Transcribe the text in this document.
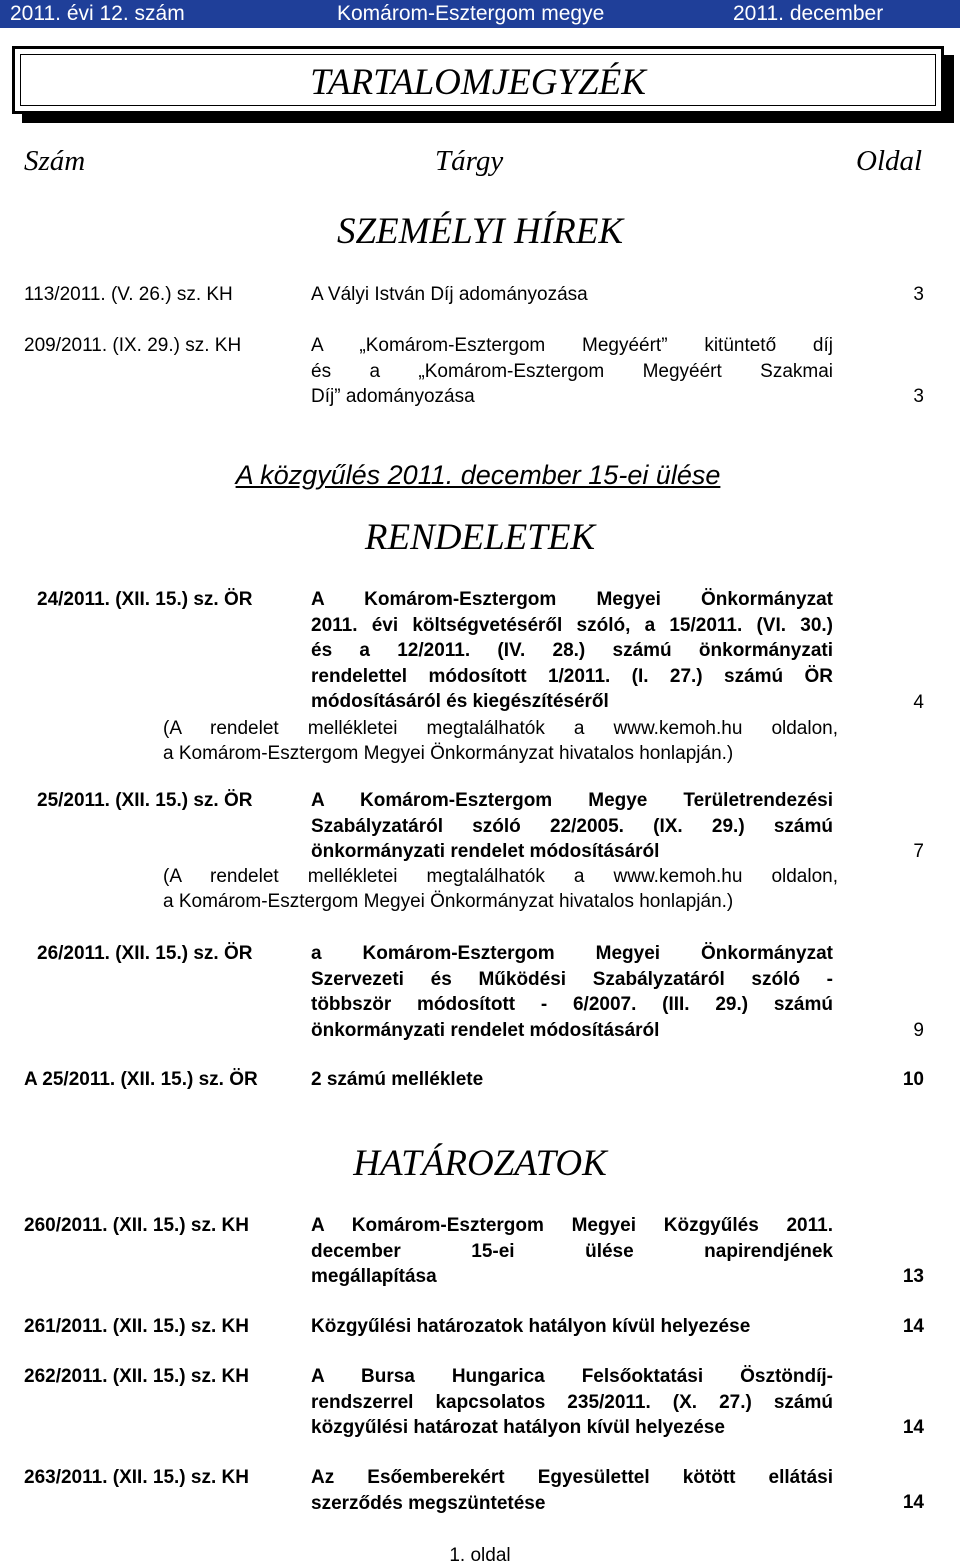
2011. évi 12. szám	Komárom-Esztergom megye	2011. december
TARTALOMJEGYZÉK
Szám	Tárgy	Oldal
SZEMÉLYI HÍREK
113/2011. (V. 26.) sz. KH	A Vályi István Díj adományozása	3
209/2011. (IX. 29.) sz. KH	A „Komárom-Esztergom Megyéért” kitüntető díj
és a „Komárom-Esztergom Megyéért Szakmai
Díj” adományozása	3
A közgyűlés 2011. december 15-ei ülése
RENDELETEK
24/2011. (XII. 15.) sz. ÖR	A Komárom-Esztergom Megyei Önkormányzat
2011. évi költségvetéséről szóló, a 15/2011. (VI. 30.)
és a 12/2011. (IV. 28.) számú önkormányzati
rendelettel módosított 1/2011. (I. 27.) számú ÖR
módosításáról és kiegészítéséről	4
(A rendelet mellékletei megtalálhatók a www.kemoh.hu oldalon,
a Komárom-Esztergom Megyei Önkormányzat hivatalos honlapján.)
25/2011. (XII. 15.) sz. ÖR	A Komárom-Esztergom Megye Területrendezési
Szabályzatáról szóló 22/2005. (IX. 29.) számú
önkormányzati rendelet módosításáról	7
(A rendelet mellékletei megtalálhatók a www.kemoh.hu oldalon,
a Komárom-Esztergom Megyei Önkormányzat hivatalos honlapján.)
26/2011. (XII. 15.) sz. ÖR	a Komárom-Esztergom Megyei Önkormányzat
Szervezeti és Működési Szabályzatáról szóló -
többször módosított - 6/2007. (III. 29.) számú
önkormányzati rendelet módosításáról	9
A 25/2011. (XII. 15.) sz. ÖR	2 számú melléklete	10
HATÁROZATOK
260/2011. (XII. 15.) sz. KH	A Komárom-Esztergom Megyei Közgyűlés 2011.
december 15-ei ülése napirendjének
megállapítása	13
261/2011. (XII. 15.) sz. KH	Közgyűlési határozatok hatályon kívül helyezése	14
262/2011. (XII. 15.) sz. KH	A Bursa Hungarica Felsőoktatási Ösztöndíj-
rendszerrel kapcsolatos 235/2011. (X. 27.) számú
közgyűlési határozat hatályon kívül helyezése	14
263/2011. (XII. 15.) sz. KH	Az Esőemberekért Egyesülettel kötött ellátási
szerződés megszüntetése	14
1. oldal
